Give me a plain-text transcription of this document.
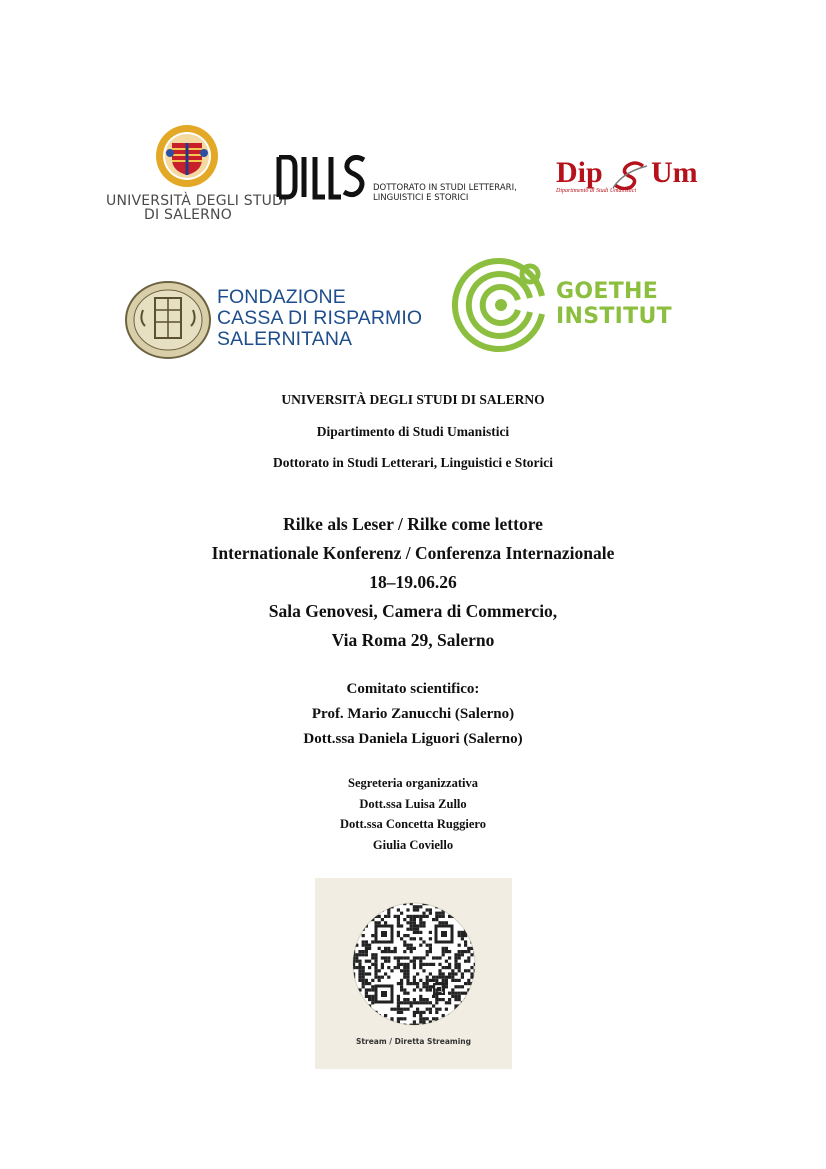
UNIVERSITÀ DEGLI STUDI
DI SALERNO
DOTTORATO IN STUDI LETTERARI,
LINGUISTICI E STORICI
Dip Um
Dipartimento di Studi Umanistici
FONDAZIONE
CASSA DI RISPARMIO
SALERNITANA
GOETHE
INSTITUT
UNIVERSITÀ DEGLI STUDI DI SALERNO
Dipartimento di Studi Umanistici
Dottorato in Studi Letterari, Linguistici e Storici
Rilke als Leser / Rilke come lettore
Internationale Konferenz / Conferenza Internazionale
18–19.06.26
Sala Genovesi, Camera di Commercio,
Via Roma 29, Salerno
Comitato scientifico:
Prof. Mario Zanucchi (Salerno)
Dott.ssa Daniela Liguori (Salerno)
Segreteria organizzativa
Dott.ssa Luisa Zullo
Dott.ssa Concetta Ruggiero
Giulia Coviello
Stream / Diretta Streaming
